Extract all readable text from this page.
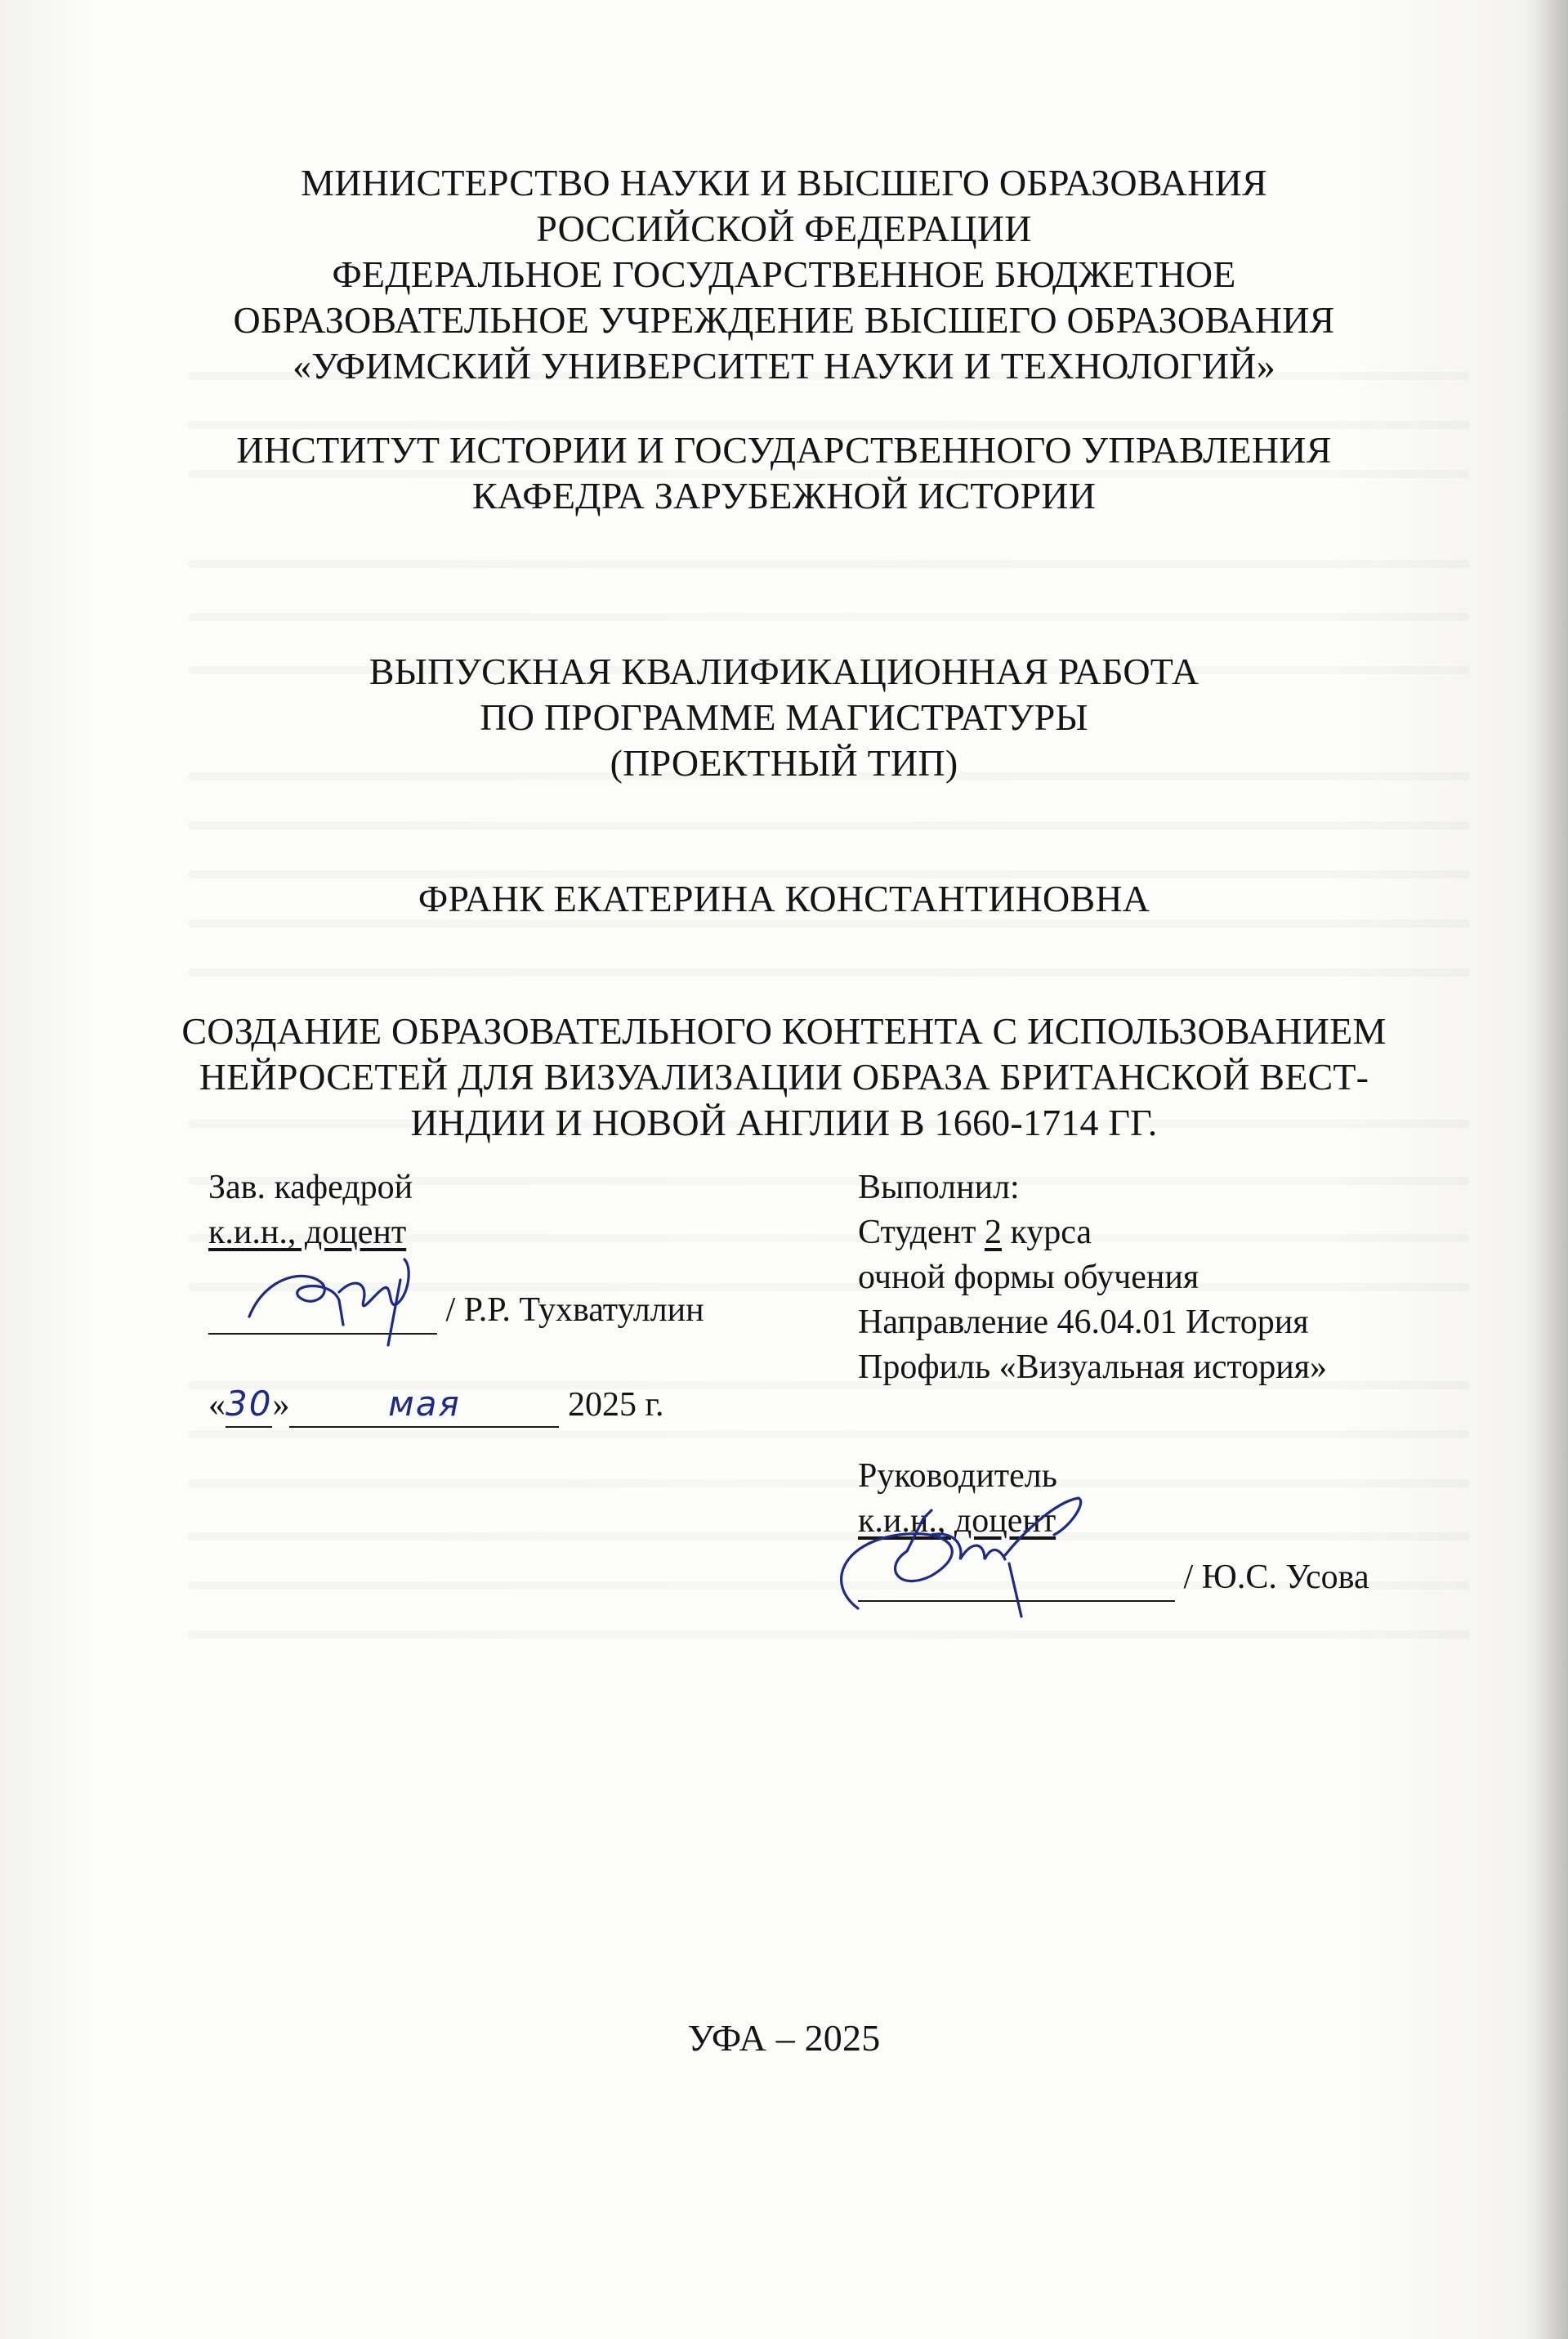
МИНИСТЕРСТВО НАУКИ И ВЫСШЕГО ОБРАЗОВАНИЯ
РОССИЙСКОЙ ФЕДЕРАЦИИ
ФЕДЕРАЛЬНОЕ ГОСУДАРСТВЕННОЕ БЮДЖЕТНОЕ
ОБРАЗОВАТЕЛЬНОЕ УЧРЕЖДЕНИЕ ВЫСШЕГО ОБРАЗОВАНИЯ
«УФИМСКИЙ УНИВЕРСИТЕТ НАУКИ И ТЕХНОЛОГИЙ»
ИНСТИТУТ ИСТОРИИ И ГОСУДАРСТВЕННОГО УПРАВЛЕНИЯ
КАФЕДРА ЗАРУБЕЖНОЙ ИСТОРИИ
ВЫПУСКНАЯ КВАЛИФИКАЦИОННАЯ РАБОТА
ПО ПРОГРАММЕ МАГИСТРАТУРЫ
(ПРОЕКТНЫЙ ТИП)
ФРАНК ЕКАТЕРИНА КОНСТАНТИНОВНА
СОЗДАНИЕ ОБРАЗОВАТЕЛЬНОГО КОНТЕНТА С ИСПОЛЬЗОВАНИЕМ
НЕЙРОСЕТЕЙ ДЛЯ ВИЗУАЛИЗАЦИИ ОБРАЗА БРИТАНСКОЙ ВЕСТ-
ИНДИИ И НОВОЙ АНГЛИИ В 1660-1714 ГГ.
Зав. кафедрой
к.и.н., доцент
/ Р.Р. Тухватуллин
«30»	мая	2025 г.
Выполнил:
Студент 2 курса
очной формы обучения
Направление 46.04.01 История
Профиль «Визуальная история»
Руководитель
к.и.н., доцент
/ Ю.С. Усова
УФА – 2025
